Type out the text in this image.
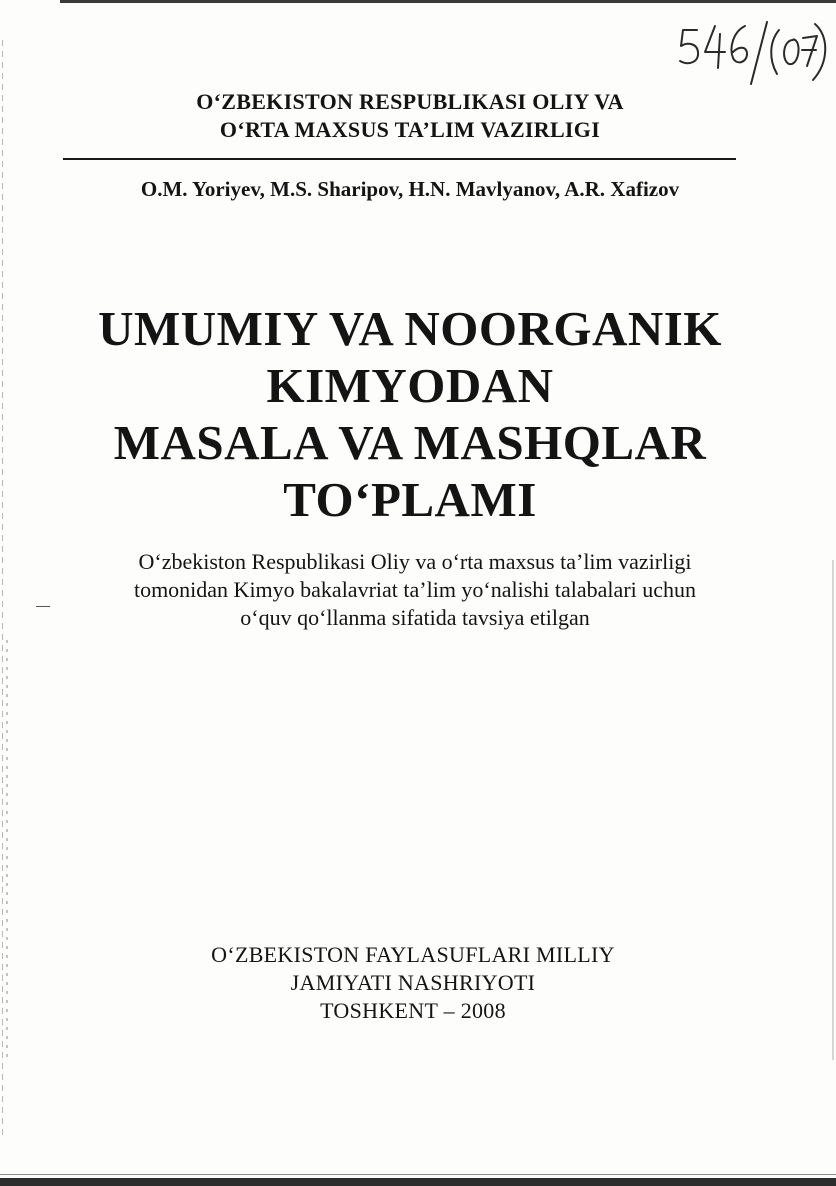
O‘ZBEKISTON RESPUBLIKASI OLIY VA
O‘RTA MAXSUS TA’LIM VAZIRLIGI
O.M. Yoriyev, M.S. Sharipov, H.N. Mavlyanov, A.R. Xafizov
UMUMIY VA NOORGANIK
KIMYODAN
MASALA VA MASHQLAR
TO‘PLAMI
O‘zbekiston Respublikasi Oliy va o‘rta maxsus ta’lim vazirligi
tomonidan Kimyo bakalavriat ta’lim yo‘nalishi talabalari uchun
o‘quv qo‘llanma sifatida tavsiya etilgan
O‘ZBEKISTON FAYLASUFLARI MILLIY
JAMIYATI NASHRIYOTI
TOSHKENT – 2008
